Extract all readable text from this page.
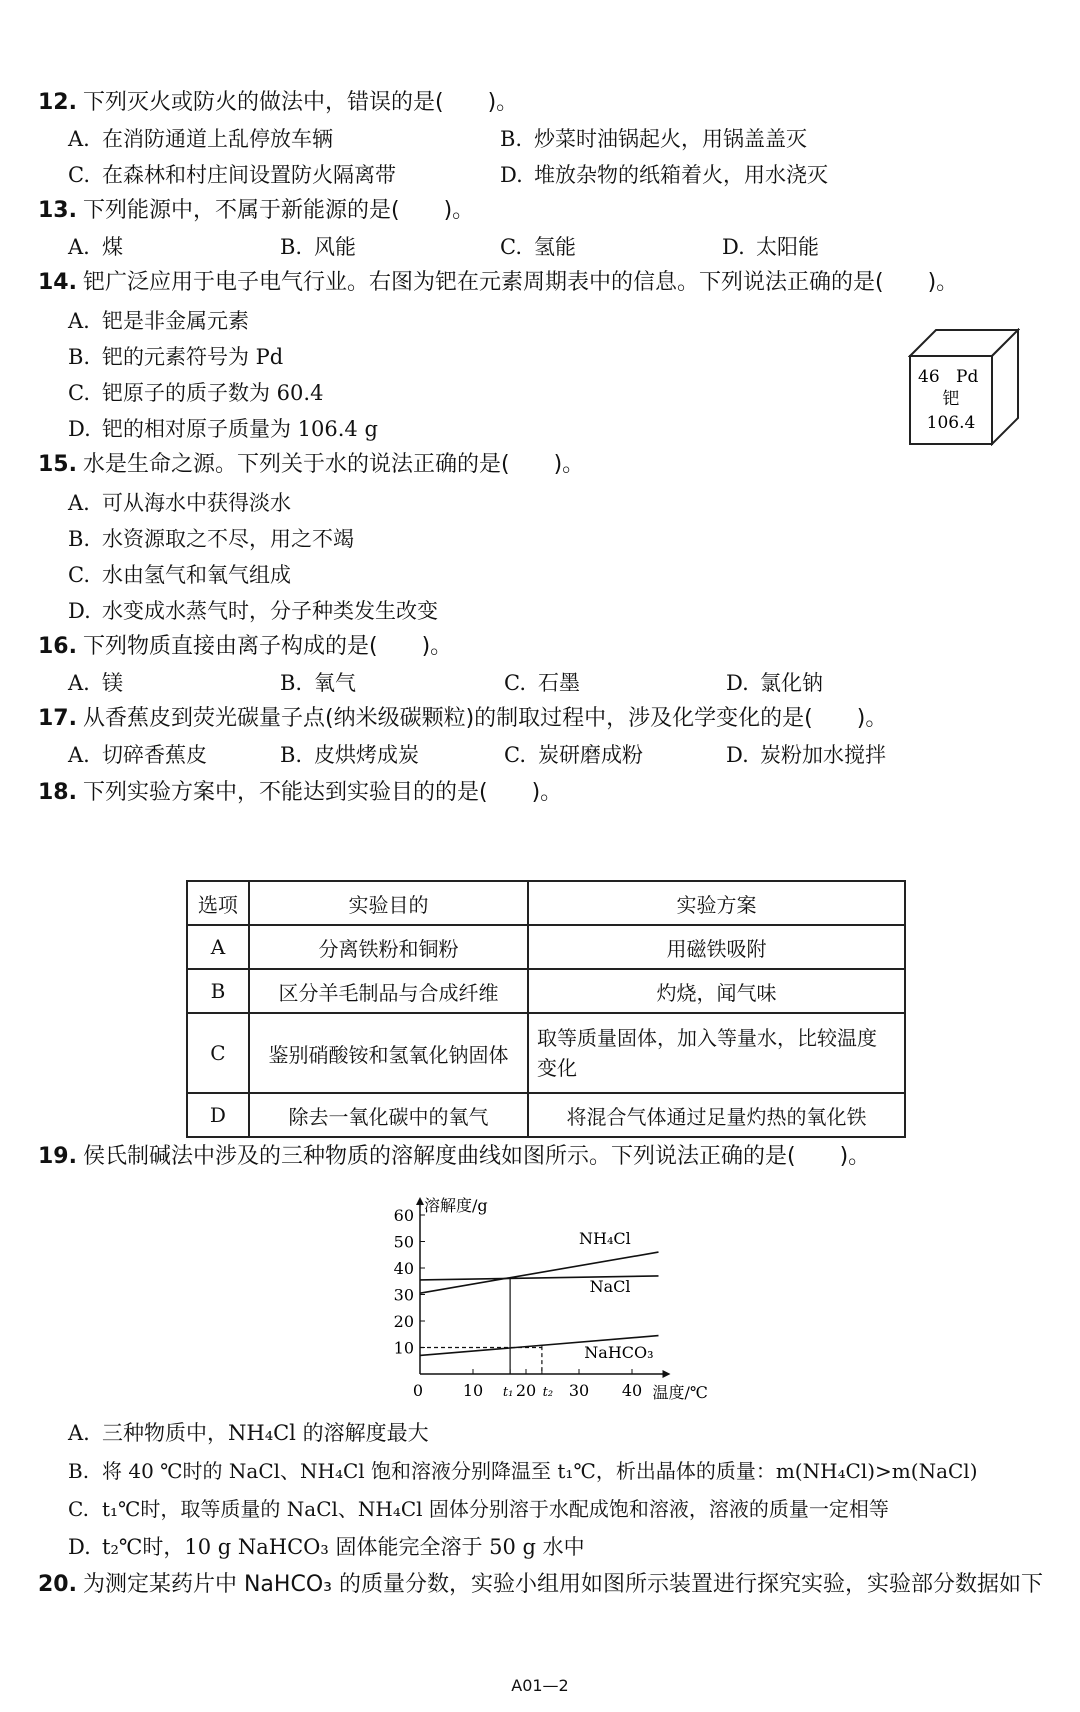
12. 下列灭火或防火的做法中，错误的是(　　)。
A. 在消防通道上乱停放车辆	B. 炒菜时油锅起火，用锅盖盖灭
C. 在森林和村庄间设置防火隔离带	D. 堆放杂物的纸箱着火，用水浇灭
13. 下列能源中，不属于新能源的是(　　)。
A. 煤	B. 风能	C. 氢能	D. 太阳能
14. 钯广泛应用于电子电气行业。右图为钯在元素周期表中的信息。下列说法正确的是(　　)。
A. 钯是非金属元素
B. 钯的元素符号为 Pd
C. 钯原子的质子数为 60.4
D. 钯的相对原子质量为 106.4 g
46 Pd
钯
106.4
15. 水是生命之源。下列关于水的说法正确的是(　　)。
A. 可从海水中获得淡水
B. 水资源取之不尽，用之不竭
C. 水由氢气和氧气组成
D. 水变成水蒸气时，分子种类发生改变
16. 下列物质直接由离子构成的是(　　)。
A. 镁	B. 氧气	C. 石墨	D. 氯化钠
17. 从香蕉皮到荧光碳量子点(纳米级碳颗粒)的制取过程中，涉及化学变化的是(　　)。
A. 切碎香蕉皮	B. 皮烘烤成炭	C. 炭研磨成粉	D. 炭粉加水搅拌
18. 下列实验方案中，不能达到实验目的的是(　　)。
选项	实验目的	实验方案
A	分离铁粉和铜粉	用磁铁吸附
B	区分羊毛制品与合成纤维	灼烧，闻气味
C	鉴别硝酸铵和氢氧化钠固体	取等质量固体，加入等量水，比较温度变化
D	除去一氧化碳中的氧气	将混合气体通过足量灼热的氧化铁
19. 侯氏制碱法中涉及的三种物质的溶解度曲线如图所示。下列说法正确的是(　　)。
10
20
30
40
50
60
0 10 t₁ 20 t₂ 30 40
NH₄Cl
NaCl
NaHCO₃
溶解度/g
温度/℃
A. 三种物质中，NH₄Cl 的溶解度最大
B. 将 40 ℃时的 NaCl、NH₄Cl 饱和溶液分别降温至 t₁℃，析出晶体的质量：m(NH₄Cl)>m(NaCl)
C. t₁℃时，取等质量的 NaCl、NH₄Cl 固体分别溶于水配成饱和溶液，溶液的质量一定相等
D. t₂℃时，10 g NaHCO₃ 固体能完全溶于 50 g 水中
20. 为测定某药片中 NaHCO₃ 的质量分数，实验小组用如图所示装置进行探究实验，实验部分数据如下
A01—2
